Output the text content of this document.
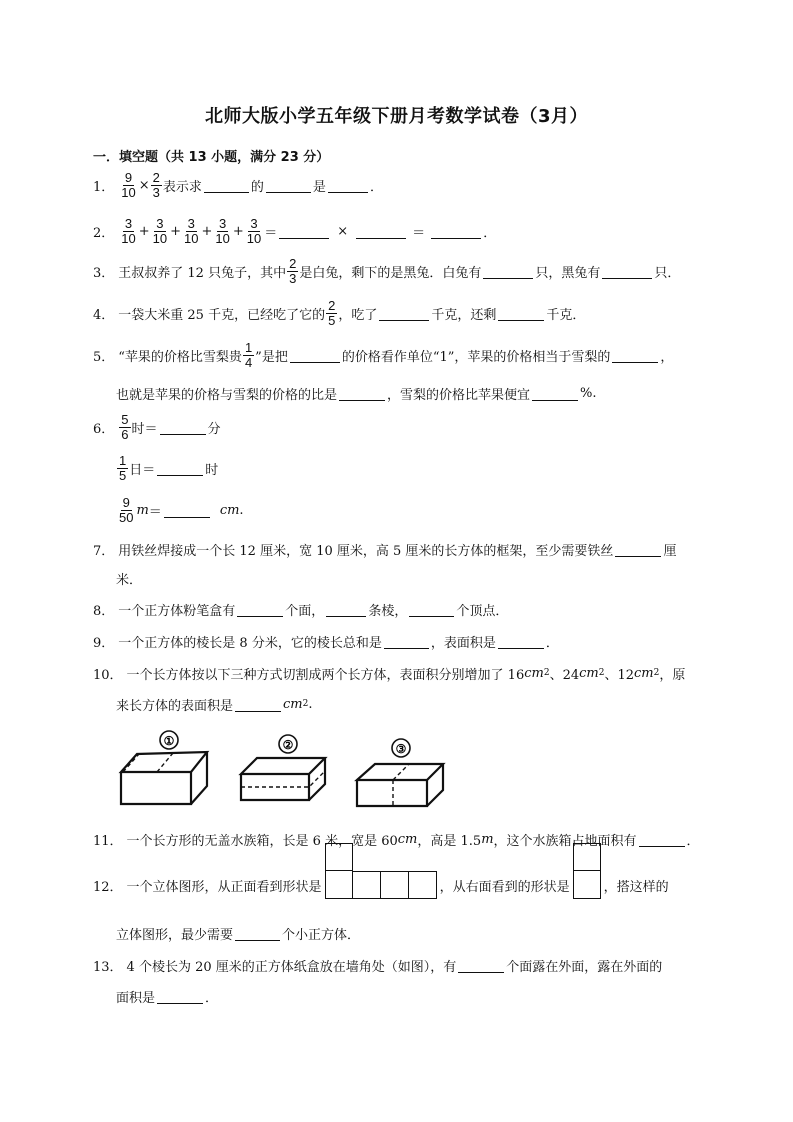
北师大版小学五年级下册月考数学试卷（3月）
一．填空题（共 13 小题，满分 23 分）
1． $\frac{9}{10} \times \frac{2}{3}$ 表示求	的	是	．
2． $\frac{3}{10} + \frac{3}{10} + \frac{3}{10} + \frac{3}{10} + \frac{3}{10}$ ＝	×	＝	．
3． 王叔叔养了 12 只兔子，其中 $\frac{2}{3}$ 是白兔，剩下的是黑兔．白兔有	只，黑兔有	只．
4． 一袋大米重 25 千克，已经吃了它的 $\frac{2}{5}$ ，吃了	千克，还剩	千克．
5． “苹果的价格比雪梨贵 $\frac{1}{4}$ ”是把	的价格看作单位“1”，苹果的价格相当于雪梨的	，
也就是苹果的价格与雪梨的价格的比是	，雪梨的价格比苹果便宜	%.
6． $\frac{5}{6}$ 时＝	分
$\frac{1}{5}$ 日＝	时
$\frac{9}{50}$ m ＝	cm .
7． 用铁丝焊接成一个长 12 厘米，宽 10 厘米，高 5 厘米的长方体的框架，至少需要铁丝	厘
米．
8． 一个正方体粉笔盒有	个面，	条棱，	个顶点．
9． 一个正方体的棱长是 8 分米，它的棱长总和是	，表面积是	．
10． 一个长方体按以下三种方式切割成两个长方体，表面积分别增加了 16 cm 2 、24 cm 2 、12 cm 2 ，原
来长方体的表面积是	cm 2 .
①	②	③
11． 一个长方形的无盖水族箱，长是 6 米，宽是 60 cm ，高是 1.5 m ，这个水族箱占地面积有	．
12． 一个立体图形，从正面看到形状是	，从右面看到的形状是	，搭这样的
立体图形，最少需要	个小正方体．
13． 4 个棱长为 20 厘米的正方体纸盒放在墙角处（如图），有	个面露在外面，露在外面的
面积是	．
